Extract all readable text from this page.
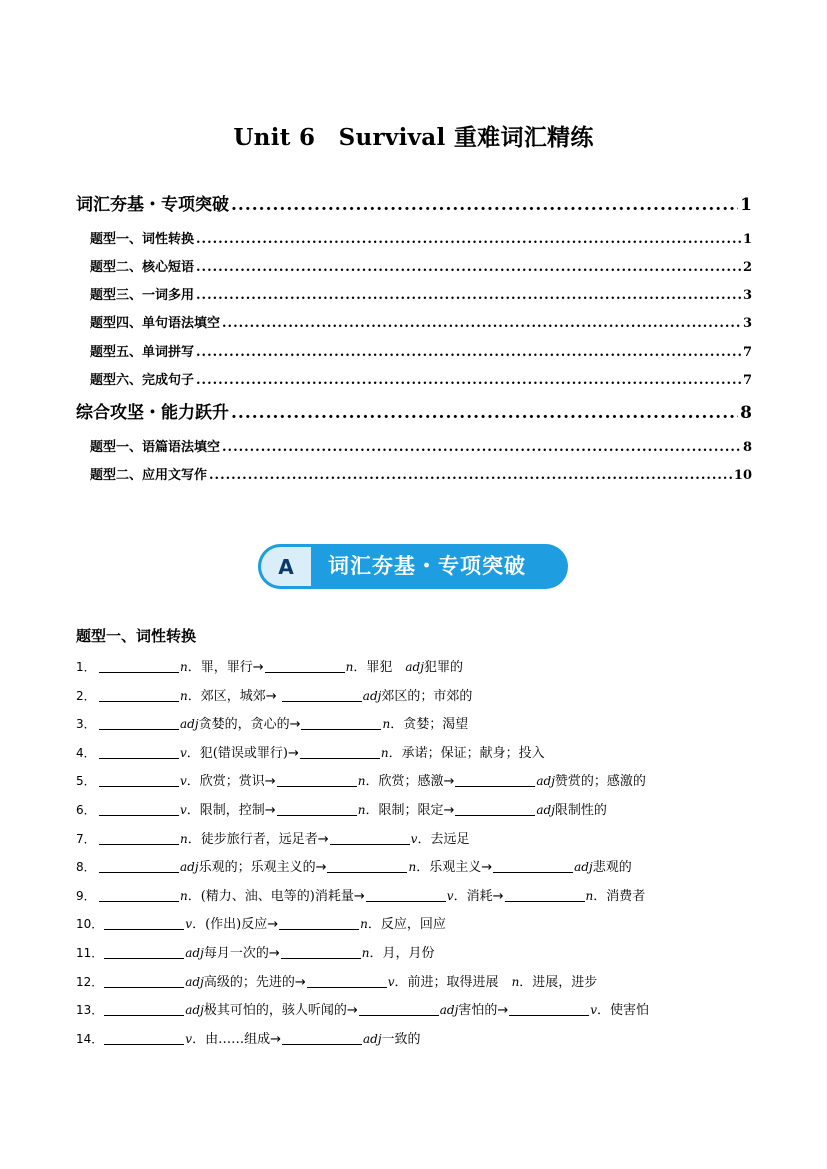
Unit 6　Survival 重难词汇精练
词汇夯基・专项突破 .....	1
题型一、词性转换 .....	1
题型二、核心短语 .....	2
题型三、一词多用 .....	3
题型四、单句语法填空 .....	3
题型五、单词拼写 .....	7
题型六、完成句子 .....	7
综合攻坚・能力跃升 .....	8
题型一、语篇语法填空 .....	8
题型二、应用文写作 .....	10
A	词汇夯基・专项突破
题型一、词性转换
1．	n．罪，罪行→	n．罪犯　adj犯罪的
2．	n．郊区，城郊→	adj郊区的；市郊的
3．	adj贪婪的，贪心的→	n．贪婪；渴望
4．	v．犯(错误或罪行)→	n．承诺；保证；献身；投入
5．	v．欣赏；赏识→	n．欣赏；感激→	adj赞赏的；感激的
6．	v．限制，控制→	n．限制；限定→	adj限制性的
7．	n．徒步旅行者，远足者→	v．去远足
8．	adj乐观的；乐观主义的→	n．乐观主义→	adj悲观的
9．	n．(精力、油、电等的)消耗量→	v．消耗→	n．消费者
10．	v．(作出)反应→	n．反应，回应
11．	adj每月一次的→	n．月，月份
12．	adj高级的；先进的→	v．前进；取得进展　n．进展，进步
13．	adj极其可怕的，骇人听闻的→	adj害怕的→	v．使害怕
14．	v．由……组成→	adj一致的
